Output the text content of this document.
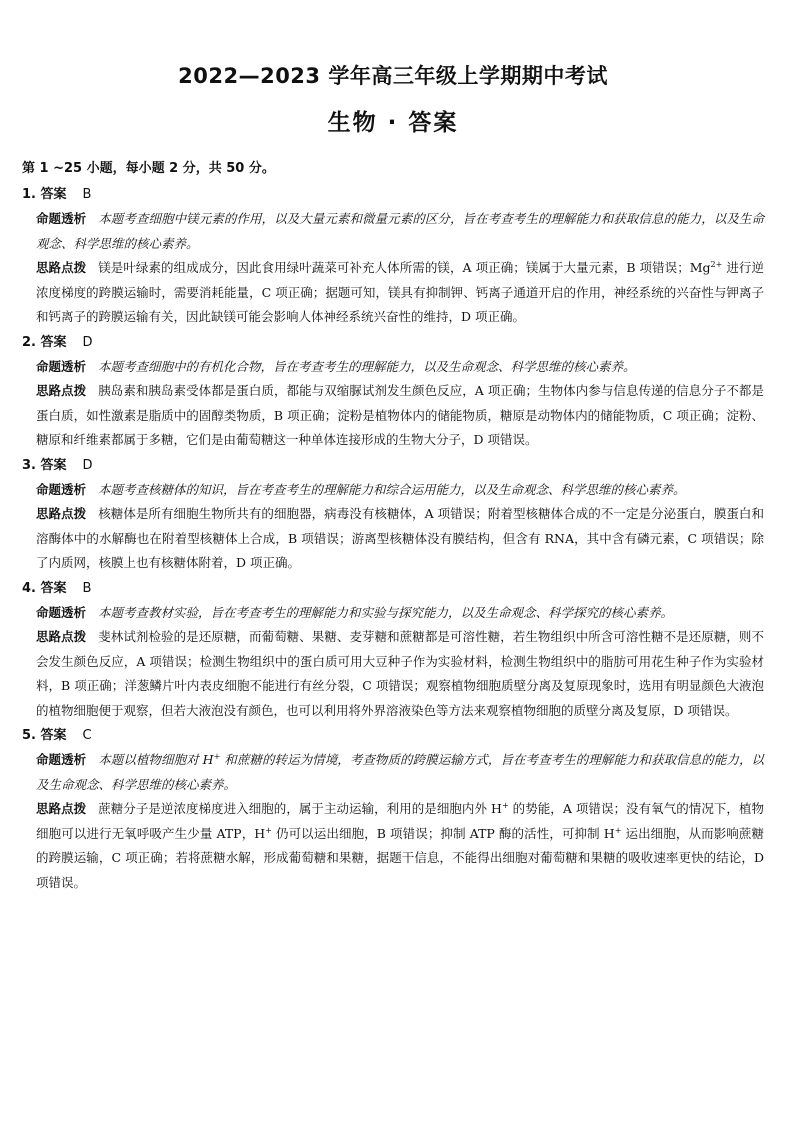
2022—2023 学年高三年级上学期期中考试
生物 · 答案
第 1 ~25 小题，每小题 2 分，共 50 分。
1. 答案 B

命题透析 本题考查细胞中镁元素的作用，以及大量元素和微量元素的区分，旨在考查考生的理解能力和获取信息的能力，以及生命观念、科学思维的核心素养。

思路点拨 镁是叶绿素的组成成分，因此食用绿叶蔬菜可补充人体所需的镁，A 项正确；镁属于大量元素，B 项错误；$Mg^{2+}$ 进行逆浓度梯度的跨膜运输时，需要消耗能量，C 项正确；据题可知，镁具有抑制钾、钙离子通道开启的作用，神经系统的兴奋性与钾离子和钙离子的跨膜运输有关，因此缺镁可能会影响人体神经系统兴奋性的维持，D 项正确。

2. 答案 D

命题透析 本题考查细胞中的有机化合物，旨在考查考生的理解能力，以及生命观念、科学思维的核心素养。

思路点拨 胰岛素和胰岛素受体都是蛋白质，都能与双缩脲试剂发生颜色反应，A 项正确；生物体内参与信息传递的信息分子不都是蛋白质，如性激素是脂质中的固醇类物质，B 项正确；淀粉是植物体内的储能物质，糖原是动物体内的储能物质，C 项正确；淀粉、糖原和纤维素都属于多糖，它们是由葡萄糖这一种单体连接形成的生物大分子，D 项错误。

3. 答案 D

命题透析 本题考查核糖体的知识，旨在考查考生的理解能力和综合运用能力，以及生命观念、科学思维的核心素养。

思路点拨 核糖体是所有细胞生物所共有的细胞器，病毒没有核糖体，A 项错误；附着型核糖体合成的不一定是分泌蛋白，膜蛋白和溶酶体中的水解酶也在附着型核糖体上合成，B 项错误；游离型核糖体没有膜结构，但含有 RNA，其中含有磷元素，C 项错误；除了内质网，核膜上也有核糖体附着，D 项正确。

4. 答案 B

命题透析 本题考查教材实验，旨在考查考生的理解能力和实验与探究能力，以及生命观念、科学探究的核心素养。

思路点拨 斐林试剂检验的是还原糖，而葡萄糖、果糖、麦芽糖和蔗糖都是可溶性糖，若生物组织中所含可溶性糖不是还原糖，则不会发生颜色反应，A 项错误；检测生物组织中的蛋白质可用大豆种子作为实验材料，检测生物组织中的脂肪可用花生种子作为实验材料，B 项正确；洋葱鳞片叶内表皮细胞不能进行有丝分裂，C 项错误；观察植物细胞质壁分离及复原现象时，选用有明显颜色大液泡的植物细胞便于观察，但若大液泡没有颜色，也可以利用将外界溶液染色等方法来观察植物细胞的质壁分离及复原，D 项错误。

5. 答案 C

命题透析 本题以植物细胞对 H+ 和蔗糖的转运为情境，考查物质的跨膜运输方式，旨在考查考生的理解能力和获取信息的能力，以及生命观念、科学思维的核心素养。

思路点拨 蔗糖分子是逆浓度梯度进入细胞的，属于主动运输，利用的是细胞内外 H+ 的势能，A 项错误；没有氧气的情况下，植物细胞可以进行无氧呼吸产生少量 ATP，H+ 仍可以运出细胞，B 项错误；抑制 ATP 酶的活性，可抑制 H+ 运出细胞，从而影响蔗糖的跨膜运输，C 项正确；若将蔗糖水解，形成葡萄糖和果糖，据题干信息，不能得出细胞对葡萄糖和果糖的吸收速率更快的结论，D 项错误。
